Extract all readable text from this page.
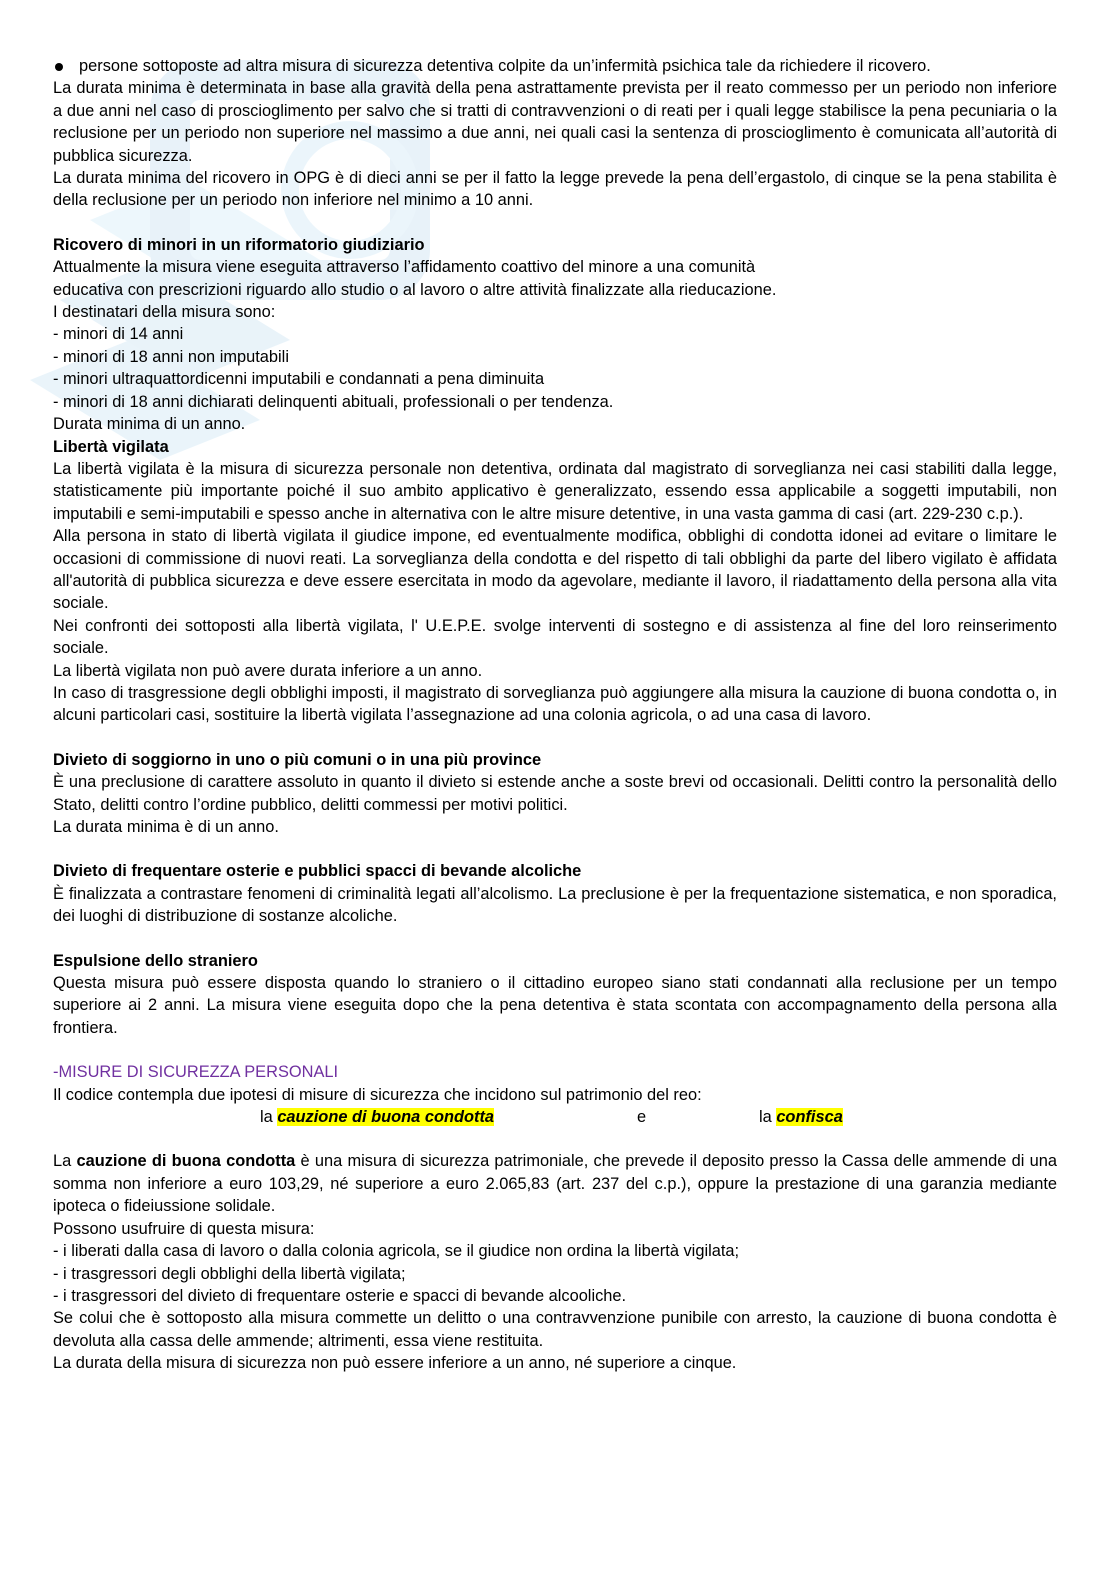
persone sottoposte ad altra misura di sicurezza detentiva colpite da un’infermità psichica tale da richiedere il ricovero.

La durata minima è determinata in base alla gravità della pena astrattamente prevista per il reato commesso per un periodo non inferiore a due anni nel caso di proscioglimento per salvo che si tratti di contravvenzioni o di reati per i quali legge stabilisce la pena pecuniaria o la reclusione per un periodo non superiore nel massimo a due anni, nei quali casi la sentenza di proscioglimento è comunicata all’autorità di pubblica sicurezza.

La durata minima del ricovero in OPG è di dieci anni se per il fatto la legge prevede la pena dell’ergastolo, di cinque se la pena stabilita è della reclusione per un periodo non inferiore nel minimo a 10 anni.

Ricovero di minori in un riformatorio giudiziario

Attualmente la misura viene eseguita attraverso l’affidamento coattivo del minore a una comunità

educativa con prescrizioni riguardo allo studio o al lavoro o altre attività finalizzate alla rieducazione.

I destinatari della misura sono:

- minori di 14 anni

- minori di 18 anni non imputabili

- minori ultraquattordicenni imputabili e condannati a pena diminuita

- minori di 18 anni dichiarati delinquenti abituali, professionali o per tendenza.

Durata minima di un anno.

Libertà vigilata

La libertà vigilata è la misura di sicurezza personale non detentiva, ordinata dal magistrato di sorveglianza nei casi stabiliti dalla legge, statisticamente più importante poiché il suo ambito applicativo è generalizzato, essendo essa applicabile a soggetti imputabili, non imputabili e semi-imputabili e spesso anche in alternativa con le altre misure detentive, in una vasta gamma di casi (art. 229-230 c.p.).

Alla persona in stato di libertà vigilata il giudice impone, ed eventualmente modifica, obblighi di condotta idonei ad evitare o limitare le occasioni di commissione di nuovi reati. La sorveglianza della condotta e del rispetto di tali obblighi da parte del libero vigilato è affidata all'autorità di pubblica sicurezza e deve essere esercitata in modo da agevolare, mediante il lavoro, il riadattamento della persona alla vita sociale.

Nei confronti dei sottoposti alla libertà vigilata, l' U.E.P.E. svolge interventi di sostegno e di assistenza al fine del loro reinserimento sociale.

La libertà vigilata non può avere durata inferiore a un anno.

In caso di trasgressione degli obblighi imposti, il magistrato di sorveglianza può aggiungere alla misura la cauzione di buona condotta o, in alcuni particolari casi, sostituire la libertà vigilata l’assegnazione ad una colonia agricola, o ad una casa di lavoro.

Divieto di soggiorno in uno o più comuni o in una più province

È una preclusione di carattere assoluto in quanto il divieto si estende anche a soste brevi od occasionali. Delitti contro la personalità dello Stato, delitti contro l’ordine pubblico, delitti commessi per motivi politici.

La durata minima è di un anno.

Divieto di frequentare osterie e pubblici spacci di bevande alcoliche

È finalizzata a contrastare fenomeni di criminalità legati all’alcolismo. La preclusione è per la frequentazione sistematica, e non sporadica, dei luoghi di distribuzione di sostanze alcoliche.

Espulsione dello straniero

Questa misura può essere disposta quando lo straniero o il cittadino europeo siano stati condannati alla reclusione per un tempo superiore ai 2 anni. La misura viene eseguita dopo che la pena detentiva è stata scontata con accompagnamento della persona alla frontiera.

-MISURE DI SICUREZZA PERSONALI

Il codice contempla due ipotesi di misure di sicurezza che incidono sul patrimonio del reo:

la cauzione di buona condotta	e	la confisca

La cauzione di buona condotta è una misura di sicurezza patrimoniale, che prevede il deposito presso la Cassa delle ammende di una somma non inferiore a euro 103,29, né superiore a euro 2.065,83 (art. 237 del c.p.), oppure la prestazione di una garanzia mediante ipoteca o fideiussione solidale.

Possono usufruire di questa misura:

- i liberati dalla casa di lavoro o dalla colonia agricola, se il giudice non ordina la libertà vigilata;

- i trasgressori degli obblighi della libertà vigilata;

- i trasgressori del divieto di frequentare osterie e spacci di bevande alcooliche.

Se colui che è sottoposto alla misura commette un delitto o una contravvenzione punibile con arresto, la cauzione di buona condotta è devoluta alla cassa delle ammende; altrimenti, essa viene restituita.

La durata della misura di sicurezza non può essere inferiore a un anno, né superiore a cinque.
